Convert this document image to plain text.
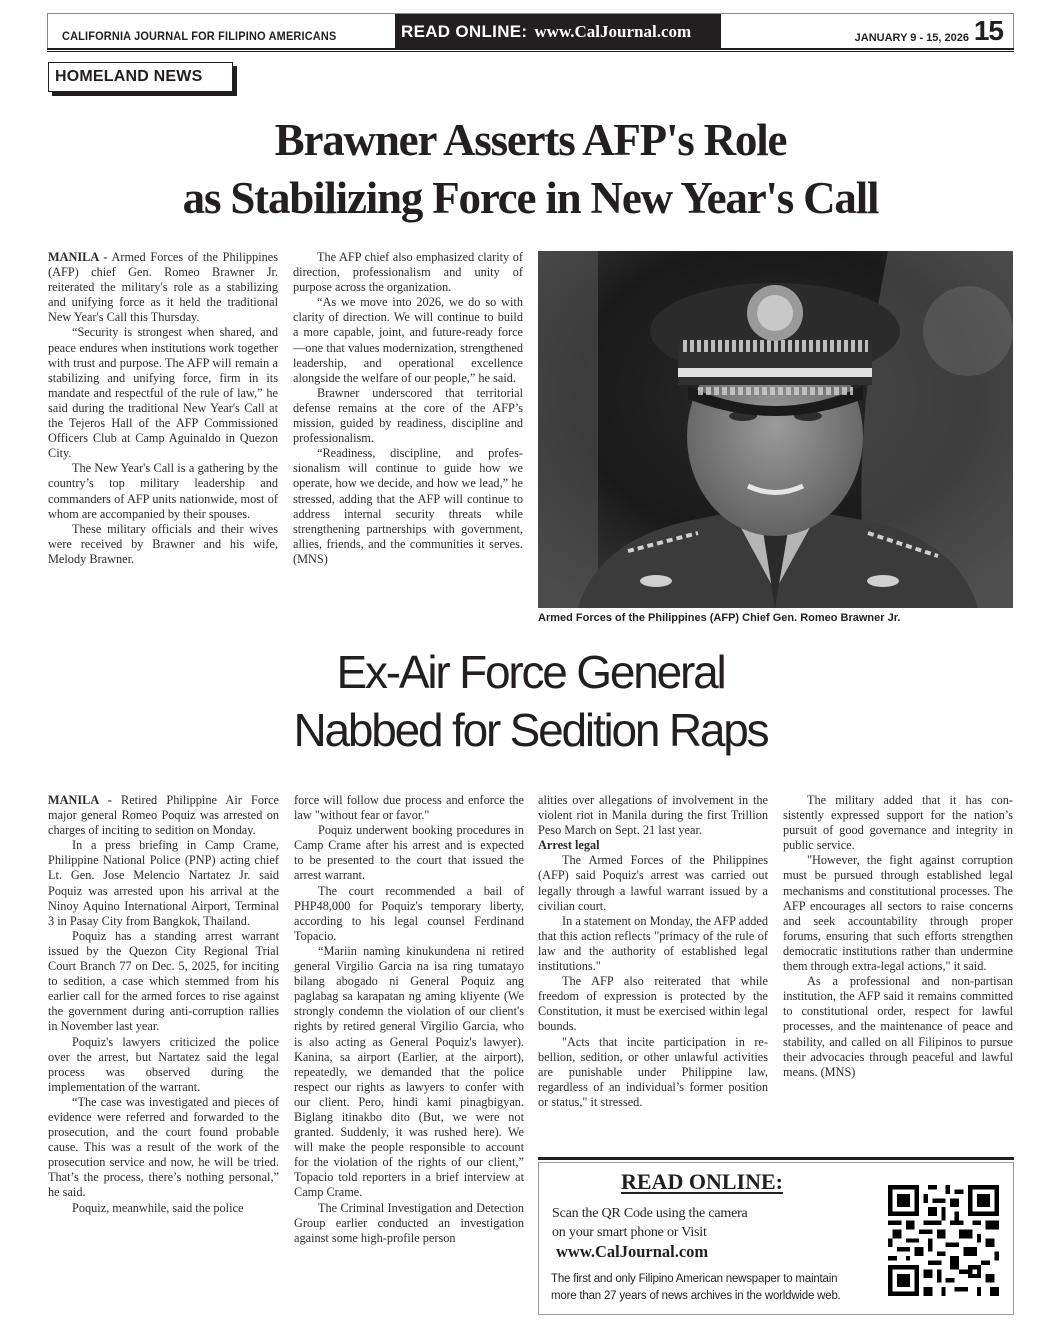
CALIFORNIA JOURNAL FOR FILIPINO AMERICANS	READ ONLINE: www.CalJournal.com	JANUARY 9 - 15, 2026 15
HOMELAND NEWS
Brawner Asserts AFP's Role
as Stabilizing Force in New Year's Call

MANILA - Armed Forces of the Philippines (AFP) chief Gen. Romeo Brawner Jr. reiterated the military's role as a stabilizing and unifying force as it held the traditional New Year's Call this Thursday.

“Security is strongest when shared, and peace endures when institutions work together with trust and purpose. The AFP will remain a stabilizing and unifying force, firm in its mandate and respectful of the rule of law,” he said during the traditional New Year's Call at the Tejeros Hall of the AFP Commissioned Officers Club at Camp Aguinaldo in Quezon City.

The New Year's Call is a gathering by the country’s top military leadership and commanders of AFP units nationwide, most of whom are accompanied by their spouses.

These military officials and their wives were received by Brawner and his wife, Melody Brawner.

The AFP chief also emphasized clarity of direction, professionalism and unity of purpose across the organization.

“As we move into 2026, we do so with clarity of direction. We will continue to build a more capable, joint, and future-ready force—one that values modernization, strengthened leadership, and operational excellence alongside the welfare of our people,” he said.

Brawner underscored that territorial defense remains at the core of the AFP’s mission, guided by readiness, discipline and professionalism.

“Readiness, discipline, and professionalism will continue to guide how we operate, how we decide, and how we lead,” he stressed, adding that the AFP will continue to address internal security threats while strengthening partnerships with government, allies, friends, and the communities it serves. (MNS)

Armed Forces of the Philippines (AFP) Chief Gen. Romeo Brawner Jr.
Ex-Air Force General
Nabbed for Sedition Raps

MANILA - Retired Philippine Air Force major general Romeo Poquiz was arrested on charges of inciting to sedition on Monday.

In a press briefing in Camp Crame, Philippine National Police (PNP) acting chief Lt. Gen. Jose Melencio Nartatez Jr. said Poquiz was arrested upon his arrival at the Ninoy Aquino International Airport, Terminal 3 in Pasay City from Bangkok, Thailand.

Poquiz has a standing arrest warrant issued by the Quezon City Regional Trial Court Branch 77 on Dec. 5, 2025, for inciting to sedition, a case which stemmed from his earlier call for the armed forces to rise against the government during anti-corruption rallies in November last year.

Poquiz's lawyers criticized the police over the arrest, but Nartatez said the legal process was observed during the implementation of the warrant.

“The case was investigated and pieces of evidence were referred and forwarded to the prosecution, and the court found probable cause. This was a result of the work of the prosecution service and now, he will be tried. That’s the process, there’s nothing personal,” he said.

Poquiz, meanwhile, said the police

force will follow due process and enforce the law "without fear or favor."

Poquiz underwent booking procedures in Camp Crame after his arrest and is expected to be presented to the court that issued the arrest warrant.

The court recommended a bail of PHP48,000 for Poquiz's temporary liberty, according to his legal counsel Ferdinand Topacio.

“Mariin naming kinukundena ni retired general Virgilio Garcia na isa ring tumatayo bilang abogado ni General Poquiz ang paglabag sa karapatan ng aming kliyente (We strongly condemn the violation of our client's rights by retired general Virgilio Garcia, who is also acting as General Poquiz's lawyer). Kanina, sa airport (Earlier, at the airport), repeatedly, we demanded that the police respect our rights as lawyers to confer with our client. Pero, hindi kami pinagbigyan. Biglang itinakbo dito (But, we were not granted. Suddenly, it was rushed here). We will make the people responsible to account for the violation of the rights of our client,” Topacio told reporters in a brief interview at Camp Crame.

The Criminal Investigation and Detection Group earlier conducted an investigation against some high-profile person

alities over allegations of involvement in the violent riot in Manila during the first Trillion Peso March on Sept. 21 last year.

Arrest legal

The Armed Forces of the Philippines (AFP) said Poquiz's arrest was carried out legally through a lawful warrant issued by a civilian court.

In a statement on Monday, the AFP added that this action reflects "primacy of the rule of law and the authority of established legal institutions."

The AFP also reiterated that while freedom of expression is protected by the Constitution, it must be exercised within legal bounds.

"Acts that incite participation in rebellion, sedition, or other unlawful activities are punishable under Philippine law, regardless of an individual’s former position or status," it stressed.

The military added that it has consistently expressed support for the nation’s pursuit of good governance and integrity in public service.

"However, the fight against corruption must be pursued through established legal mechanisms and constitutional processes. The AFP encourages all sectors to raise concerns and seek accountability through proper forums, ensuring that such efforts strengthen democratic institutions rather than undermine them through extra-legal actions," it said.

As a professional and non-partisan institution, the AFP said it remains committed to constitutional order, respect for lawful processes, and the maintenance of peace and stability, and called on all Filipinos to pursue their advocacies through peaceful and lawful means. (MNS)

READ ONLINE:
Scan the QR Code using the camera
on your smart phone or Visit
www.CalJournal.com
The first and only Filipino American newspaper to maintain
more than 27 years of news archives in the worldwide web.
